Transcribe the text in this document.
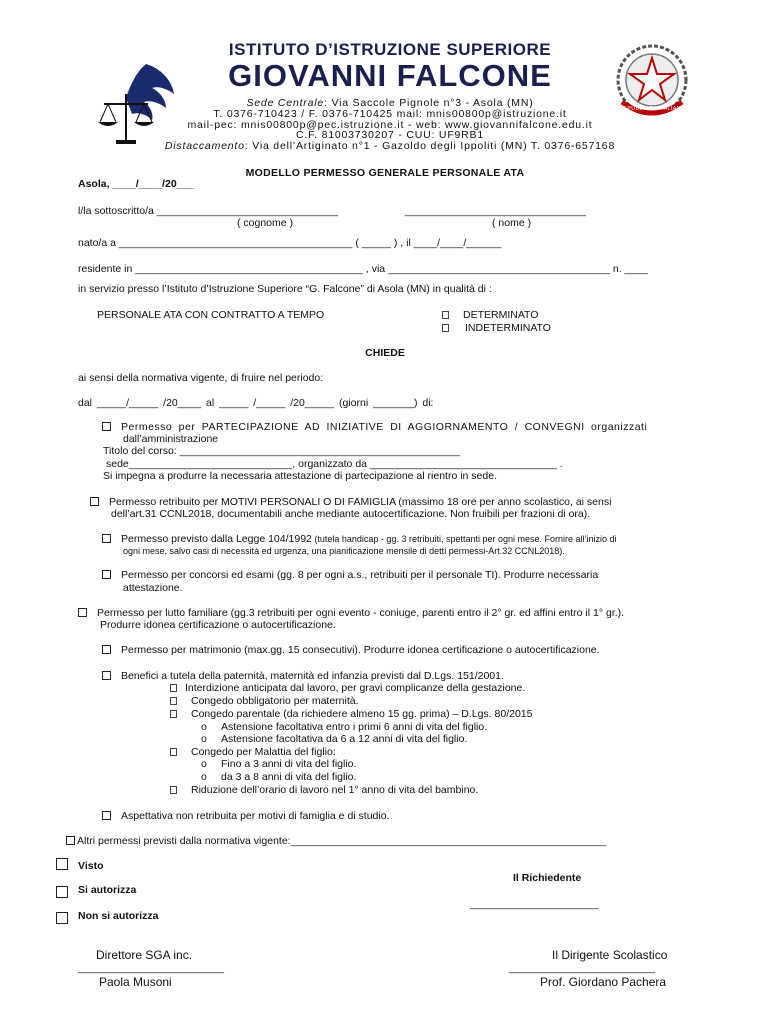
ISTITUTO D’ISTRUZIONE SUPERIORE
GIOVANNI FALCONE
Sede Centrale: Via Saccole Pignole n°3 - Asola (MN)
T. 0376-710423 / F. 0376-710425 mail: mnis00800p@istruzione.it
mail-pec: mnis00800p@pec.istruzione.it - web: www.giovannifalcone.edu.it
C.F. 81003730207 - CUU: UF9RB1
Distaccamento: Via dell’Artiginato n°1 - Gazoldo degli Ippoliti (MN) T. 0376-657168
REPUBBLICA ITALIANA
MODELLO PERMESSO GENERALE PERSONALE ATA
Asola, ____/____/20___
l/la sottoscritto/a _______________________________	_______________________________
( cognome )	( nome )
nato/a a ________________________________________ ( _____ ) , il ____/____/______
residente in _______________________________________ , via ______________________________________ n. ____
in servizio presso l’Istituto d’Istruzione Superiore “G. Falcone” di Asola (MN) in qualità di :
PERSONALE ATA CON CONTRATTO A TEMPO	DETERMINATO
INDETERMINATO
CHIEDE
ai sensi della normativa vigente, di fruire nel periodo:
dal _____/_____ /20____ al _____ /_____ /20_____ (giorni _______) di:
Permesso per PARTECIPAZIONE AD INIZIATIVE DI AGGIORNAMENTO / CONVEGNI organizzati
dall’amministrazione
Titolo del corso: ________________________________________________
sede____________________________, organizzato da ________________________________ .
Si impegna a produrre la necessaria attestazione di partecipazione al rientro in sede.
Permesso retribuito per MOTIVI PERSONALI O DI FAMIGLIA (massimo 18 ore per anno scolastico, ai sensi
dell’art.31 CCNL2018, documentabili anche mediante autocertificazione. Non fruibili per frazioni di ora).
Permesso previsto dalla Legge 104/1992 (tutela handicap - gg. 3 retribuiti, spettanti per ogni mese. Fornire all’inizio di
ogni mese, salvo casi di necessità ed urgenza, una pianificazione mensile di detti permessi-Art.32 CCNL2018).
Permesso per concorsi ed esami (gg. 8 per ogni a.s., retribuiti per il personale TI). Produrre necessaria
attestazione.
Permesso per lutto familiare (gg.3 retribuiti per ogni evento - coniuge, parenti entro il 2° gr. ed affini entro il 1° gr.).
Produrre idonea certificazione o autocertificazione.
Permesso per matrimonio (max.gg. 15 consecutivi). Produrre idonea certificazione o autocertificazione.
Benefici a tutela della paternità, maternità ed infanzia previsti dal D.Lgs. 151/2001.
Interdizione anticipata dal lavoro, per gravi complicanze della gestazione.
Congedo obbligatorio per maternità.
Congedo parentale (da richiedere almeno 15 gg. prima) – D.Lgs. 80/2015
o Astensione facoltativa entro i primi 6 anni di vita del figlio.
o Astensione facoltativa da 6 a 12 anni di vita del figlio.
Congedo per Malattia del figlio:
o Fino a 3 anni di vita del figlio.
o da 3 a 8 anni di vita del figlio.
Riduzione dell’orario di lavoro nel 1° anno di vita del bambino.
Aspettativa non retribuita per motivi di famiglia e di studio.
Altri permessi previsti dalla normativa vigente:______________________________________________________
Visto
Si autorizza
Non si autorizza
Il Richiedente
______________________
Direttore SGA inc.
_________________________
Paola Musoni
Il Dirigente Scolastico
_________________________
Prof. Giordano Pachera
